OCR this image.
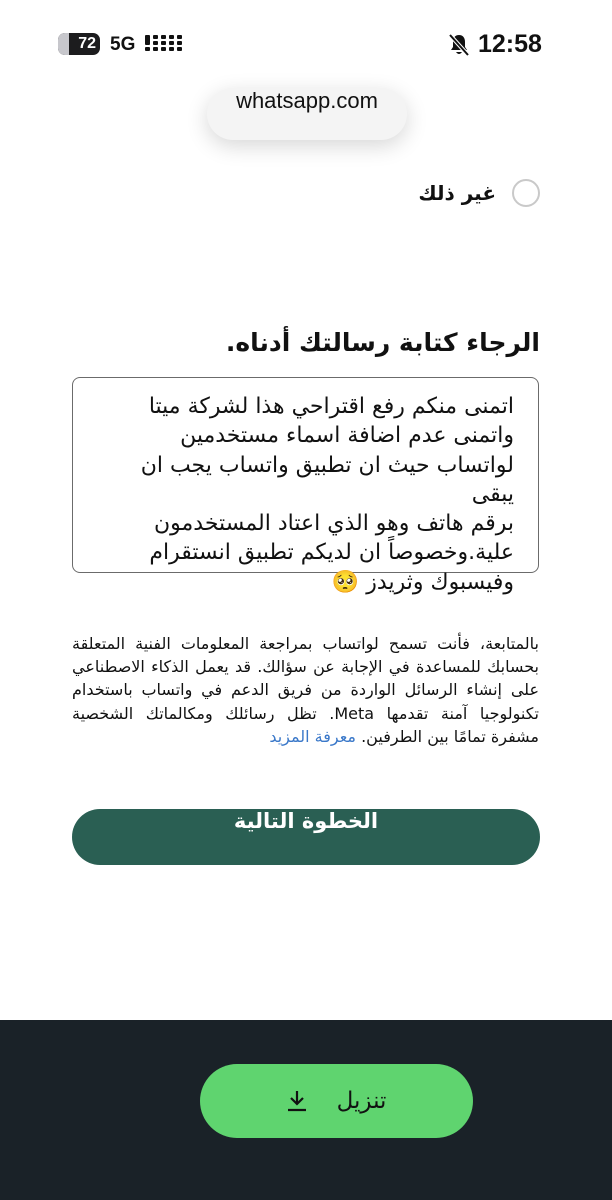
72 5G	12:58
whatsapp.com
غير ذلك
الرجاء كتابة رسالتك أدناه.
اتمنى منكم رفع اقتراحي هذا لشركة ميتا
واتمنى عدم اضافة اسماء مستخدمين
لواتساب حيث ان تطبيق واتساب يجب ان يبقى
برقم هاتف وهو الذي اعتاد المستخدمون
علية.وخصوصاً ان لديكم تطبيق انستقرام
وفيسبوك وثريدز 🥺
بالمتابعة، فأنت تسمح لواتساب بمراجعة المعلومات الفنية المتعلقة بحسابك للمساعدة في الإجابة عن سؤالك. قد يعمل الذكاء الاصطناعي على إنشاء الرسائل الواردة من فريق الدعم في واتساب باستخدام تكنولوجيا آمنة تقدمها Meta. تظل رسائلك ومكالماتك الشخصية مشفرة تمامًا بين الطرفين. معرفة المزيد
الخطوة التالية
تنزيل
